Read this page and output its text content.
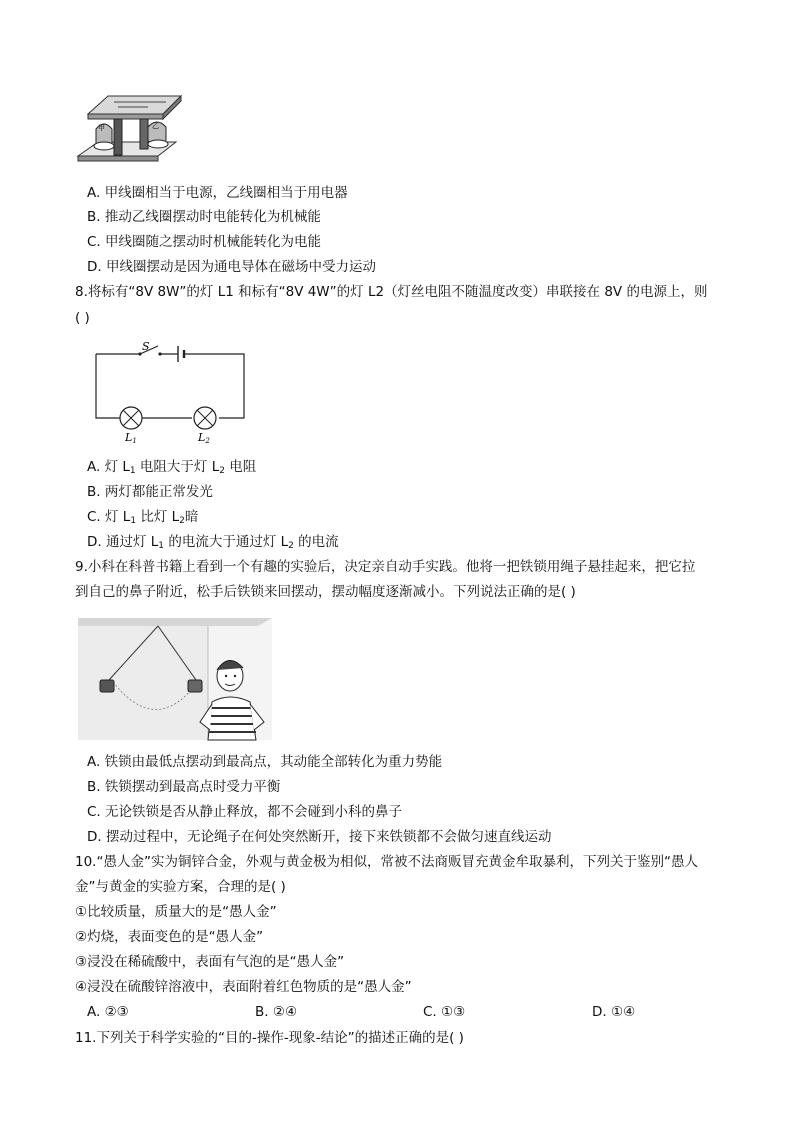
甲	乙
A. 甲线圈相当于电源，乙线圈相当于用电器
B. 推动乙线圈摆动时电能转化为机械能
C. 甲线圈随之摆动时机械能转化为电能
D. 甲线圈摆动是因为通电导体在磁场中受力运动
8.将标有“8V 8W”的灯 L1 和标有“8V 4W”的灯 L2（灯丝电阻不随温度改变）串联接在 8V 的电源上，则
( )
S
L1	L2
A. 灯 $L_1$ 电阻大于灯 $L_2$ 电阻
B. 两灯都能正常发光
C. 灯 $L_1$ 比灯 $L_2$暗
D. 通过灯 $L_1$ 的电流大于通过灯 $L_2$ 的电流
9.小科在科普书籍上看到一个有趣的实验后，决定亲自动手实践。他将一把铁锁用绳子悬挂起来，把它拉
到自己的鼻子附近，松手后铁锁来回摆动，摆动幅度逐渐减小。下列说法正确的是( )
A. 铁锁由最低点摆动到最高点，其动能全部转化为重力势能
B. 铁锁摆动到最高点时受力平衡
C. 无论铁锁是否从静止释放，都不会碰到小科的鼻子
D. 摆动过程中，无论绳子在何处突然断开，接下来铁锁都不会做匀速直线运动
10.“愚人金”实为铜锌合金，外观与黄金极为相似，常被不法商贩冒充黄金牟取暴利，下列关于鉴别“愚人
金”与黄金的实验方案，合理的是( )
①比较质量，质量大的是“愚人金”
②灼烧，表面变色的是“愚人金”
③浸没在稀硫酸中，表面有气泡的是“愚人金”
④浸没在硫酸锌溶液中，表面附着红色物质的是“愚人金”
A. ②③	B. ②④	C. ①③	D. ①④
11.下列关于科学实验的“目的-操作-现象-结论”的描述正确的是( )
